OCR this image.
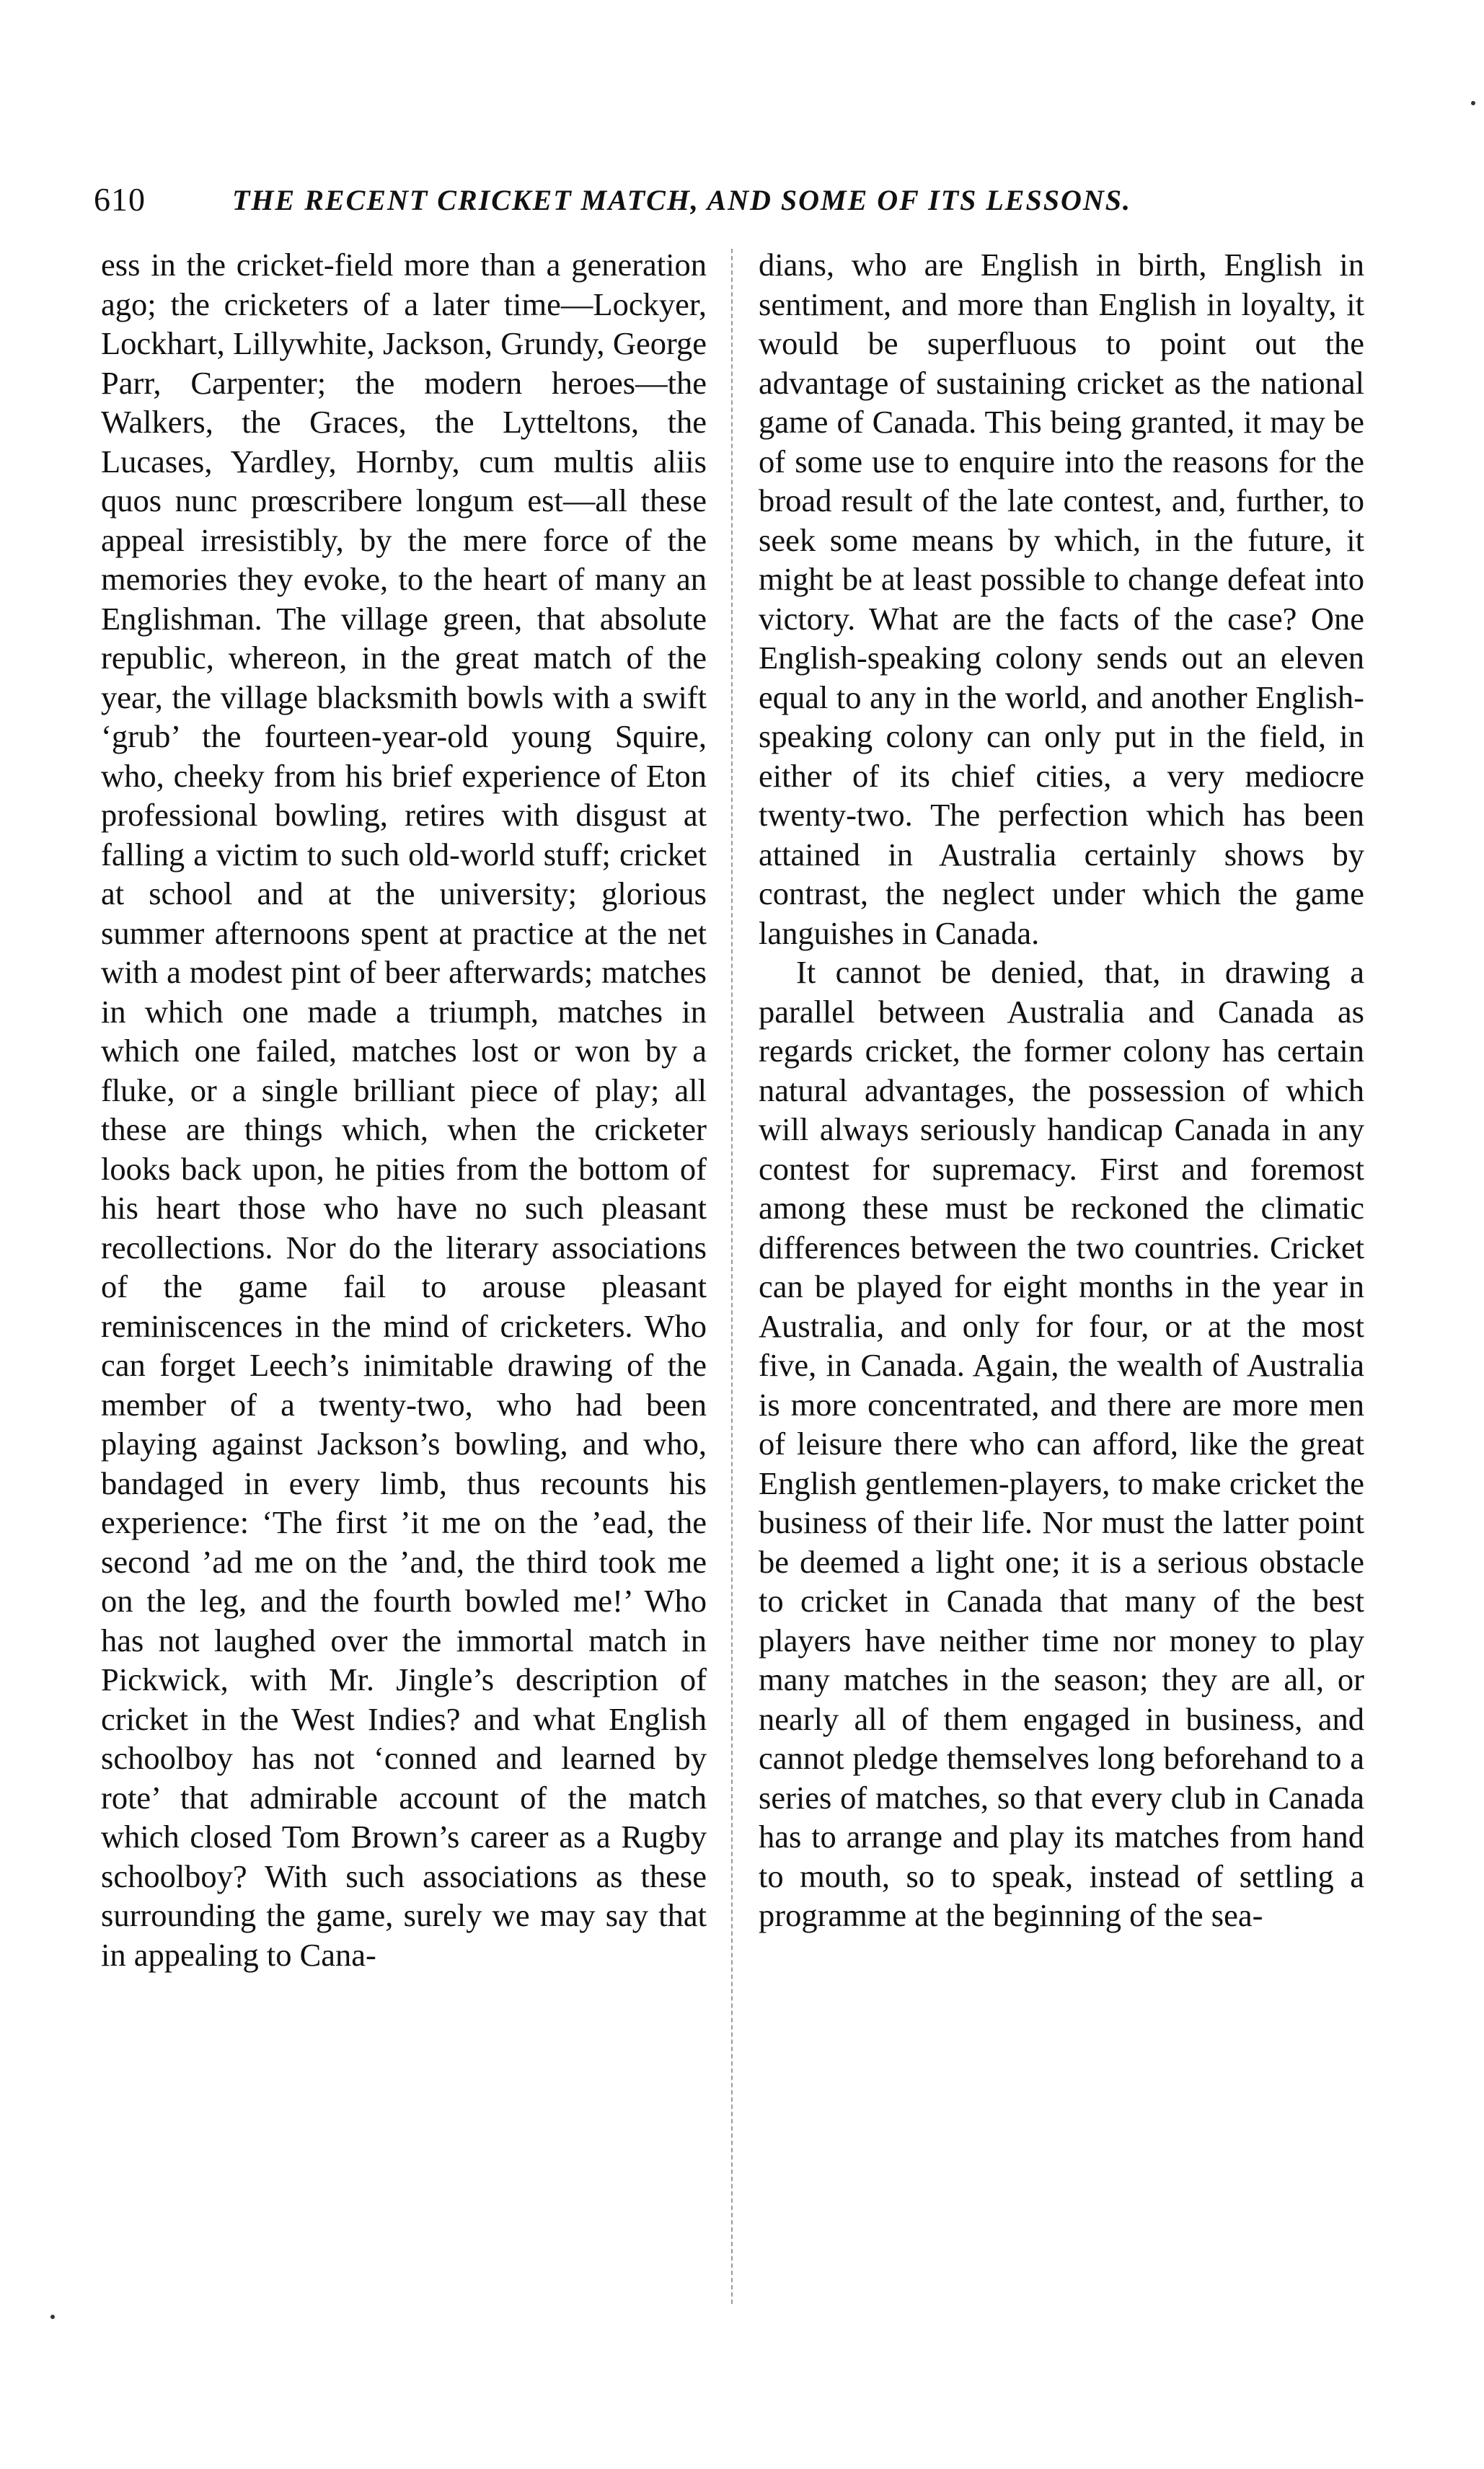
610	THE RECENT CRICKET MATCH, AND SOME OF ITS LESSONS.

ess in the cricket-field more than a generation ago; the cricketers of a later time—Lockyer, Lockhart, Lillywhite, Jackson, Grundy, George Parr, Carpenter; the modern heroes—the Walkers, the Graces, the Lytteltons, the Lucases, Yardley, Hornby, cum multis aliis quos nunc prœscribere longum est—all these appeal irresistibly, by the mere force of the memories they evoke, to the heart of many an Englishman. The village green, that absolute republic, whereon, in the great match of the year, the village blacksmith bowls with a swift ‘grub’ the fourteen-year-old young Squire, who, cheeky from his brief experience of Eton professional bowling, retires with disgust at falling a victim to such old-world stuff; cricket at school and at the university; glorious summer afternoons spent at practice at the net with a modest pint of beer afterwards; matches in which one made a triumph, matches in which one failed, matches lost or won by a fluke, or a single brilliant piece of play; all these are things which, when the cricketer looks back upon, he pities from the bottom of his heart those who have no such pleasant recollections. Nor do the literary associations of the game fail to arouse pleasant reminiscences in the mind of cricketers. Who can forget Leech’s inimitable drawing of the member of a twenty-two, who had been playing against Jackson’s bowling, and who, bandaged in every limb, thus recounts his experience: ‘The first ’it me on the ’ead, the second ’ad me on the ’and, the third took me on the leg, and the fourth bowled me!’ Who has not laughed over the immortal match in Pickwick, with Mr. Jingle’s description of cricket in the West Indies? and what English schoolboy has not ‘conned and learned by rote’ that admirable account of the match which closed Tom Brown’s career as a Rugby schoolboy? With such associations as these surrounding the game, surely we may say that in appealing to Cana-

dians, who are English in birth, English in sentiment, and more than English in loyalty, it would be superfluous to point out the advantage of sustaining cricket as the national game of Canada. This being granted, it may be of some use to enquire into the reasons for the broad result of the late contest, and, further, to seek some means by which, in the future, it might be at least possible to change defeat into victory. What are the facts of the case? One English-speaking colony sends out an eleven equal to any in the world, and another English-speaking colony can only put in the field, in either of its chief cities, a very mediocre twenty-two. The perfection which has been attained in Australia certainly shows by contrast, the neglect under which the game languishes in Canada.

It cannot be denied, that, in drawing a parallel between Australia and Canada as regards cricket, the former colony has certain natural advantages, the possession of which will always seriously handicap Canada in any contest for supremacy. First and foremost among these must be reckoned the climatic differences between the two countries. Cricket can be played for eight months in the year in Australia, and only for four, or at the most five, in Canada. Again, the wealth of Australia is more concentrated, and there are more men of leisure there who can afford, like the great English gentlemen-players, to make cricket the business of their life. Nor must the latter point be deemed a light one; it is a serious obstacle to cricket in Canada that many of the best players have neither time nor money to play many matches in the season; they are all, or nearly all of them engaged in business, and cannot pledge themselves long beforehand to a series of matches, so that every club in Canada has to arrange and play its matches from hand to mouth, so to speak, instead of settling a programme at the beginning of the sea-
